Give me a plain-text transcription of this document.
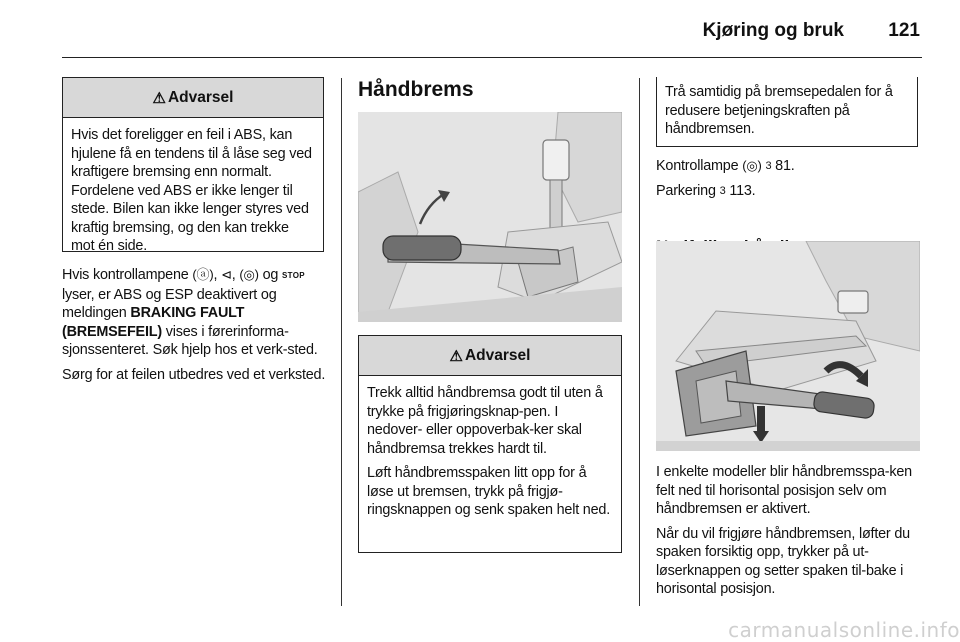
Kjøring og bruk 121
⚠ Advarsel

Hvis det foreligger en feil i ABS, kan hjulene få en tendens til å låse seg ved kraftigere bremsing enn normalt. Fordelene ved ABS er ikke lenger til stede. Bilen kan ikke lenger styres ved kraftig bremsing, og den kan trekke mot én side.

Hvis kontrollampene (ⓐ), ⊲, (◎) og STOP lyser, er ABS og ESP deaktivert og meldingen BRAKING FAULT (BREMSEFEIL) vises i førerinforma-sjonssenteret. Søk hjelp hos et verk-sted.

Sørg for at feilen utbedres ved et verksted.

Håndbrems
⚠ Advarsel

Trekk alltid håndbremsa godt til uten å trykke på frigjøringsknap-pen. I nedover- eller oppoverbak-ker skal håndbremsa trekkes hardt til.

Løft håndbremsspaken litt opp for å løse ut bremsen, trykk på frigjø-ringsknappen og senk spaken helt ned.

Trå samtidig på bremsepedalen for å redusere betjeningskraften på håndbremsen.

Kontrollampe (◎) 3 81.

Parkering 3 113.

I enkelte modeller blir håndbremsspa-ken felt ned til horisontal posisjon selv om håndbremsen er aktivert.

Når du vil frigjøre håndbremsen, løfter du spaken forsiktig opp, trykker på ut-løserknappen og setter spaken til-bake i horisontal posisjon.

carmanualsonline.info
